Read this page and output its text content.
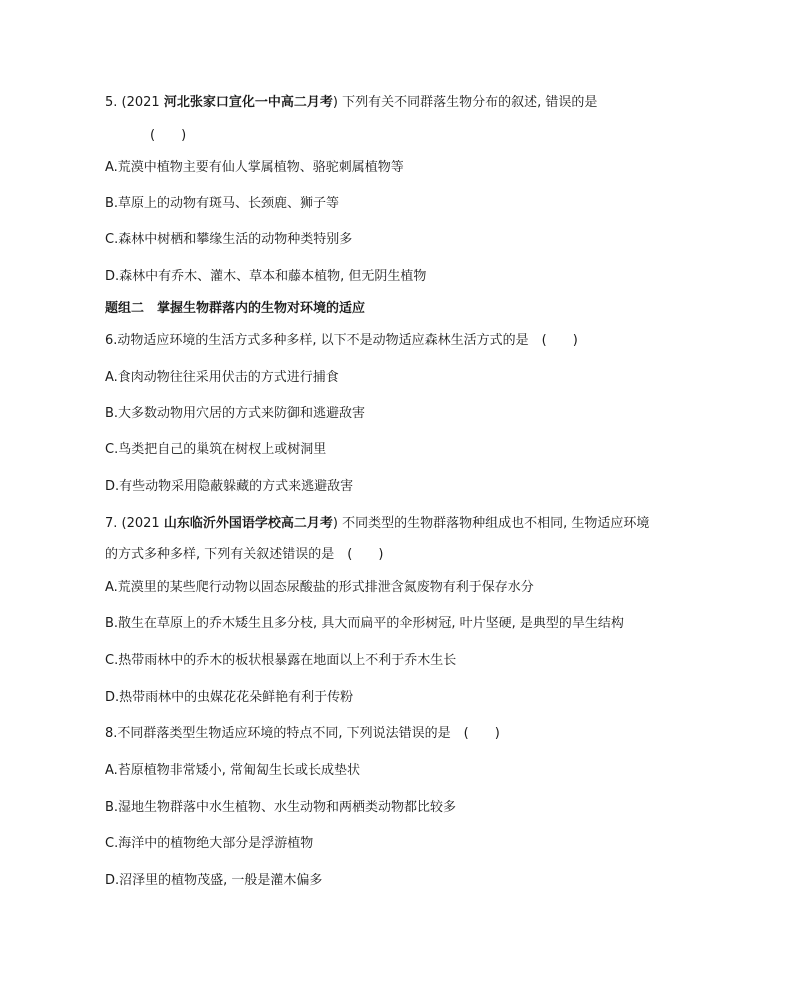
5. (2021 河北张家口宣化一中高二月考) 下列有关不同群落生物分布的叙述, 错误的是
(　　)
A.荒漠中植物主要有仙人掌属植物、骆驼刺属植物等
B.草原上的动物有斑马、长颈鹿、狮子等
C.森林中树栖和攀缘生活的动物种类特别多
D.森林中有乔木、灌木、草本和藤本植物, 但无阴生植物
题组二　掌握生物群落内的生物对环境的适应
6.动物适应环境的生活方式多种多样, 以下不是动物适应森林生活方式的是　(　　)
A.食肉动物往往采用伏击的方式进行捕食
B.大多数动物用穴居的方式来防御和逃避敌害
C.鸟类把自己的巢筑在树杈上或树洞里
D.有些动物采用隐蔽躲藏的方式来逃避敌害
7. (2021 山东临沂外国语学校高二月考) 不同类型的生物群落物种组成也不相同, 生物适应环境
的方式多种多样, 下列有关叙述错误的是　(　　)
A.荒漠里的某些爬行动物以固态尿酸盐的形式排泄含氮废物有利于保存水分
B.散生在草原上的乔木矮生且多分枝, 具大而扁平的伞形树冠, 叶片坚硬, 是典型的旱生结构
C.热带雨林中的乔木的板状根暴露在地面以上不利于乔木生长
D.热带雨林中的虫媒花花朵鲜艳有利于传粉
8.不同群落类型生物适应环境的特点不同, 下列说法错误的是　(　　)
A.苔原植物非常矮小, 常匍匐生长或长成垫状
B.湿地生物群落中水生植物、水生动物和两栖类动物都比较多
C.海洋中的植物绝大部分是浮游植物
D.沼泽里的植物茂盛, 一般是灌木偏多
